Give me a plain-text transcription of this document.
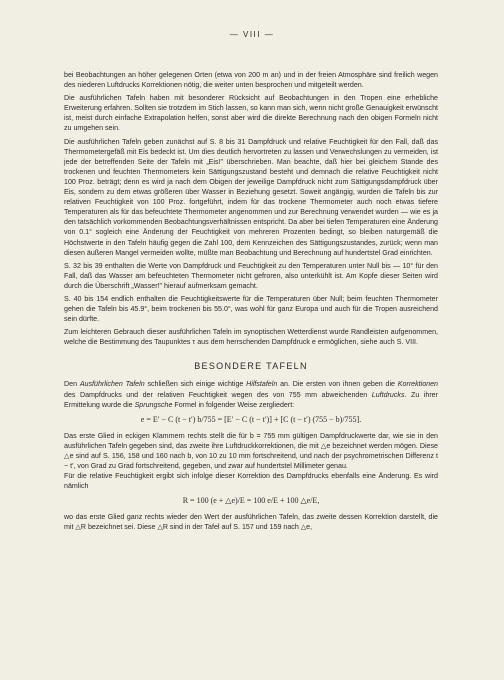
— VIII —

bei Beobachtungen an höher gelegenen Orten (etwa von 200 m an) und in der freien Atmosphäre sind freilich wegen des niederen Luftdrucks Korrektionen nötig, die weiter unten besprochen und mitgeteilt werden.

Die ausführlichen Tafeln haben mit besonderer Rücksicht auf Beobachtungen in den Tropen eine erhebliche Erweiterung erfahren. Sollten sie trotzdem im Stich lassen, so kann man sich, wenn nicht große Genauigkeit erwünscht ist, meist durch einfache Extrapolation helfen, sonst aber wird die direkte Berechnung nach den obigen Formeln nicht zu umgehen sein.

Die ausführlichen Tafeln geben zunächst auf S. 8 bis 31 Dampfdruck und relative Feuchtigkeit für den Fall, daß das Thermometergefäß mit Eis bedeckt ist. Um dies deutlich hervortreten zu lassen und Verwechslungen zu vermeiden, ist jede der betreffenden Seite der Tafeln mit „Eis!" überschrieben. Man beachte, daß hier bei gleichem Stande des trockenen und feuchten Thermometers kein Sättigungszustand besteht und demnach die relative Feuchtigkeit nicht 100 Proz. beträgt; denn es wird ja nach dem Obigen der jeweilige Dampfdruck nicht zum Sättigungsdampfdruck über Eis, sondern zu dem etwas größeren über Wasser in Beziehung gesetzt. Soweit angängig, wurden die Tafeln bis zur relativen Feuchtigkeit von 100 Proz. fortgeführt, indem für das trockene Thermometer auch noch etwas tiefere Temperaturen als für das befeuchtete Thermometer angenommen und zur Berechnung verwendet wurden — wie es ja den tatsächlich vorkommenden Beobachtungsverhältnissen entspricht. Da aber bei tiefen Temperaturen eine Änderung von 0.1° sogleich eine Änderung der Feuchtigkeit von mehreren Prozenten bedingt, so bleiben naturgemäß die Höchstwerte in den Tafeln häufig gegen die Zahl 100, dem Kennzeichen des Sättigungszustandes, zurück; wenn man diesen äußeren Mangel vermeiden wollte, müßte man Beobachtung und Berechnung auf hundertstel Grad einrichten.

S. 32 bis 39 enthalten die Werte von Dampfdruck und Feuchtigkeit zu den Temperaturen unter Null bis — 10° für den Fall, daß das Wasser am befeuchteten Thermometer nicht gefroren, also unterkühlt ist. Am Kopfe dieser Seiten wird durch die Überschrift „Wasser!" hierauf aufmerksam gemacht.

S. 40 bis 154 endlich enthalten die Feuchtigkeitswerte für die Temperaturen über Null; beim feuchten Thermometer gehen die Tafeln bis 45.9°, beim trockenen bis 55.0°, was wohl für ganz Europa und auch für die Tropen ausreichend sein dürfte.

Zum leichteren Gebrauch dieser ausführlichen Tafeln im synoptischen Wetterdienst wurde Randleisten aufgenommen, welche die Bestimmung des Taupunktes τ aus dem herrschenden Dampfdruck e ermöglichen, siehe auch S. VIII.

BESONDERE TAFELN

Den Ausführlichen Tafeln schließen sich einige wichtige Hilfstafeln an. Die ersten von ihnen geben die Korrektionen des Dampfdrucks und der relativen Feuchtigkeit wegen des von 755 mm abweichenden Luftdrucks. Zu ihrer Ermittelung wurde die Sprungsche Formel in folgender Weise zergliedert:

e = E′ − C (t − t′) b/755 = [E′ − C (t − t′)] + [C (t − t′) (755 − b)/755].

Das erste Glied in eckigen Klammern rechts stellt die für b = 755 mm gültigen Dampfdruckwerte dar, wie sie in den ausführlichen Tafeln gegeben sind, das zweite ihre Luftdruckkorrektionen, die mit △e bezeichnet werden mögen. Diese △e sind auf S. 156, 158 und 160 nach b, von 10 zu 10 mm fortschreitend, und nach der psychrometrischen Differenz t − t′, von Grad zu Grad fortschreitend, gegeben, und zwar auf hundertstel Millimeter genau.

Für die relative Feuchtigkeit ergibt sich infolge dieser Korrektion des Dampfdrucks ebenfalls eine Änderung. Es wird nämlich

R = 100 (e + △e)/E = 100 e/E + 100 △e/E,

wo das erste Glied ganz rechts wieder den Wert der ausführlichen Tafeln, das zweite dessen Korrektion darstellt, die mit △R bezeichnet sei. Diese △R sind in der Tafel auf S. 157 und 159 nach △e,
